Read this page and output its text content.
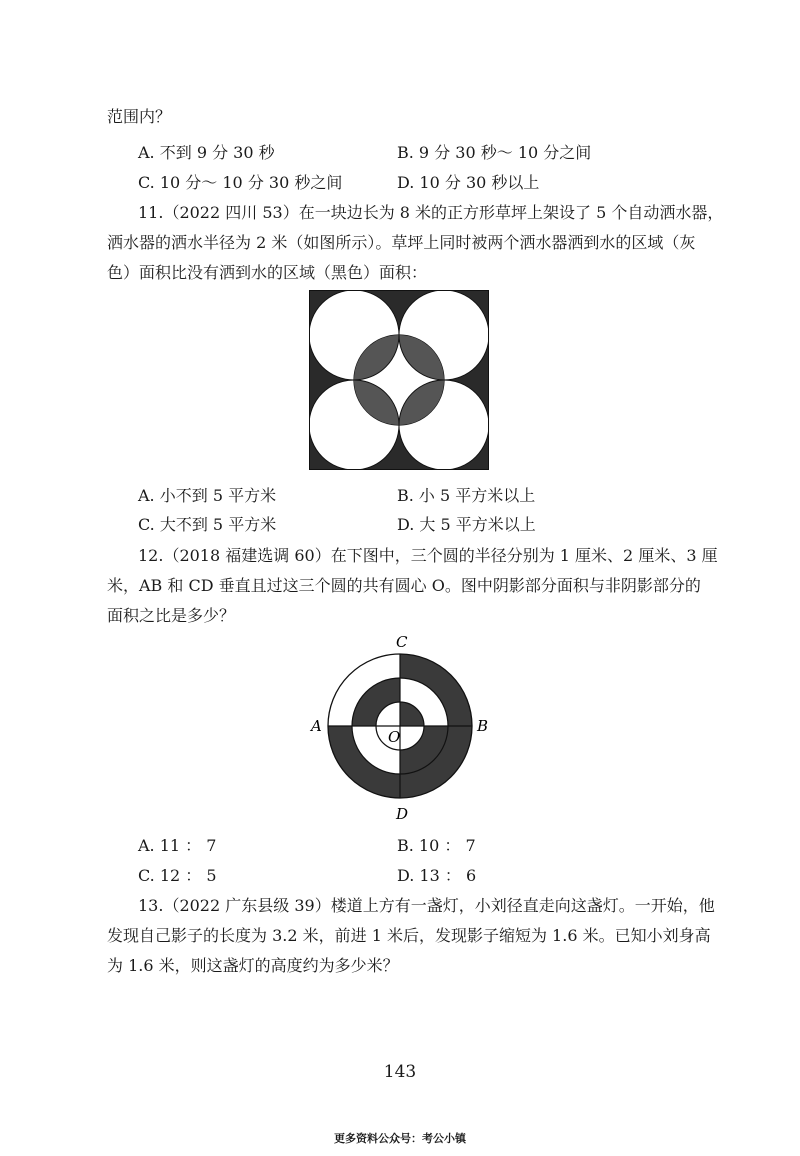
范围内？
A. 不到 9 分 30 秒	B. 9 分 30 秒～ 10 分之间
C. 10 分～ 10 分 30 秒之间	D. 10 分 30 秒以上
11.（2022 四川 53）在一块边长为 8 米的正方形草坪上架设了 5 个自动洒水器，
洒水器的洒水半径为 2 米（如图所示）。草坪上同时被两个洒水器洒到水的区域（灰
色）面积比没有洒到水的区域（黑色）面积：
A. 小不到 5 平方米	B. 小 5 平方米以上
C. 大不到 5 平方米	D. 大 5 平方米以上
12.（2018 福建选调 60）在下图中，三个圆的半径分别为 1 厘米、2 厘米、3 厘
米，AB 和 CD 垂直且过这三个圆的共有圆心 O。图中阴影部分面积与非阴影部分的
面积之比是多少？
C
D
A	B
O
A. 11 ： 7	B. 10 ： 7
C. 12 ： 5	D. 13 ： 6
13.（2022 广东县级 39）楼道上方有一盏灯，小刘径直走向这盏灯。一开始，他
发现自己影子的长度为 3.2 米，前进 1 米后，发现影子缩短为 1.6 米。已知小刘身高
为 1.6 米，则这盏灯的高度约为多少米？
143
更多资料公众号：考公小镇
